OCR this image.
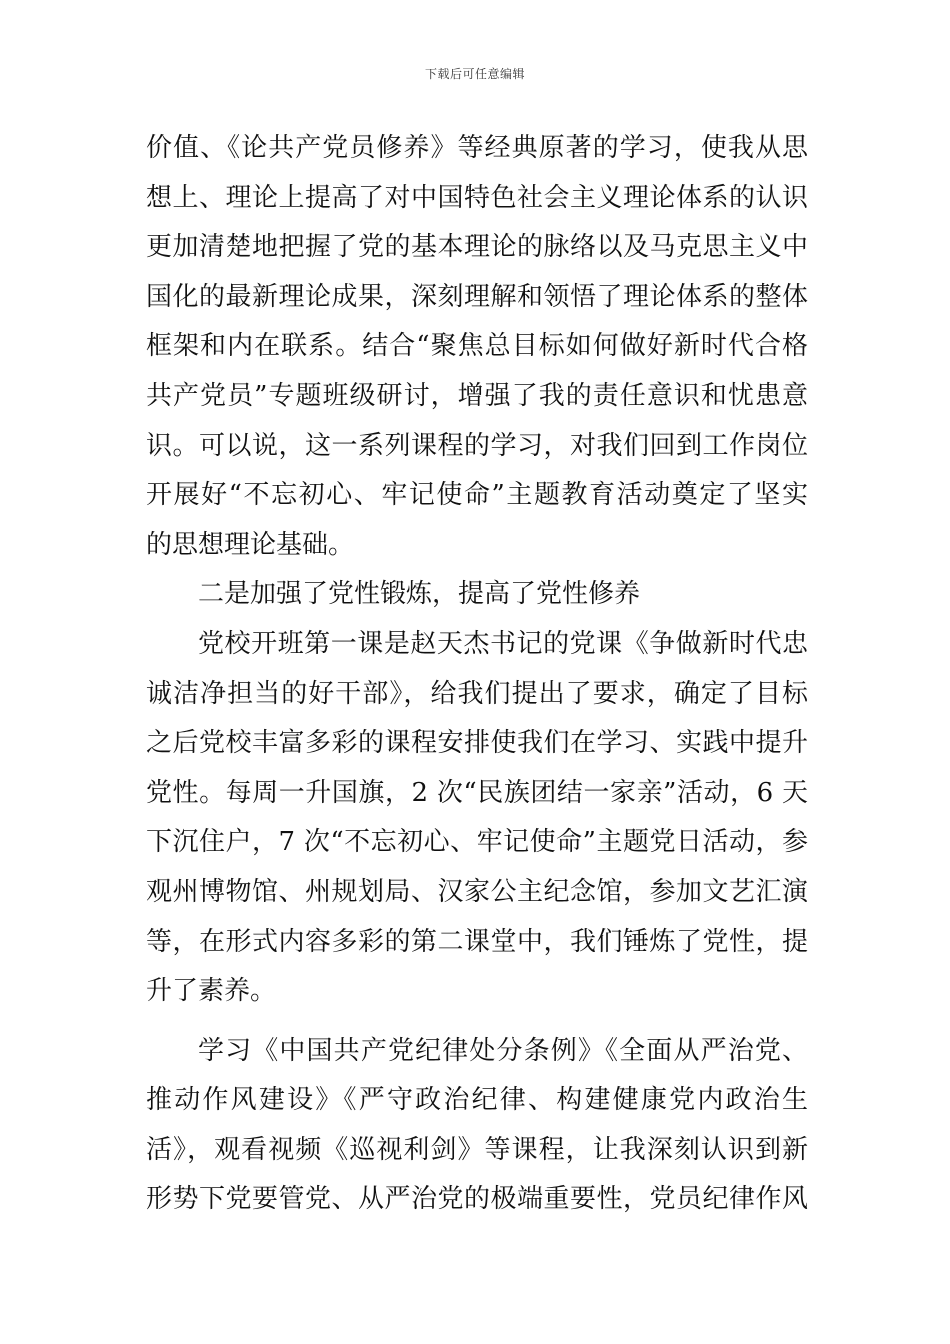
下载后可任意编辑
价值、《论共产党员修养》等经典原著的学习，使我从思
想上、理论上提高了对中国特色社会主义理论体系的认识
更加清楚地把握了党的基本理论的脉络以及马克思主义中
国化的最新理论成果，深刻理解和领悟了理论体系的整体
框架和内在联系。结合“聚焦总目标如何做好新时代合格
共产党员”专题班级研讨，增强了我的责任意识和忧患意
识。可以说，这一系列课程的学习，对我们回到工作岗位
开展好“不忘初心、牢记使命”主题教育活动奠定了坚实
的思想理论基础。
二是加强了党性锻炼，提高了党性修养
党校开班第一课是赵天杰书记的党课《争做新时代忠
诚洁净担当的好干部》，给我们提出了要求，确定了目标
之后党校丰富多彩的课程安排使我们在学习、实践中提升
党性。每周一升国旗，2 次“民族团结一家亲”活动，6 天
下沉住户，7 次“不忘初心、牢记使命”主题党日活动，参
观州博物馆、州规划局、汉家公主纪念馆，参加文艺汇演
等，在形式内容多彩的第二课堂中，我们锤炼了党性，提
升了素养。
学习《中国共产党纪律处分条例》《全面从严治党、
推动作风建设》《严守政治纪律、构建健康党内政治生
活》，观看视频《巡视利剑》等课程，让我深刻认识到新
形势下党要管党、从严治党的极端重要性，党员纪律作风
